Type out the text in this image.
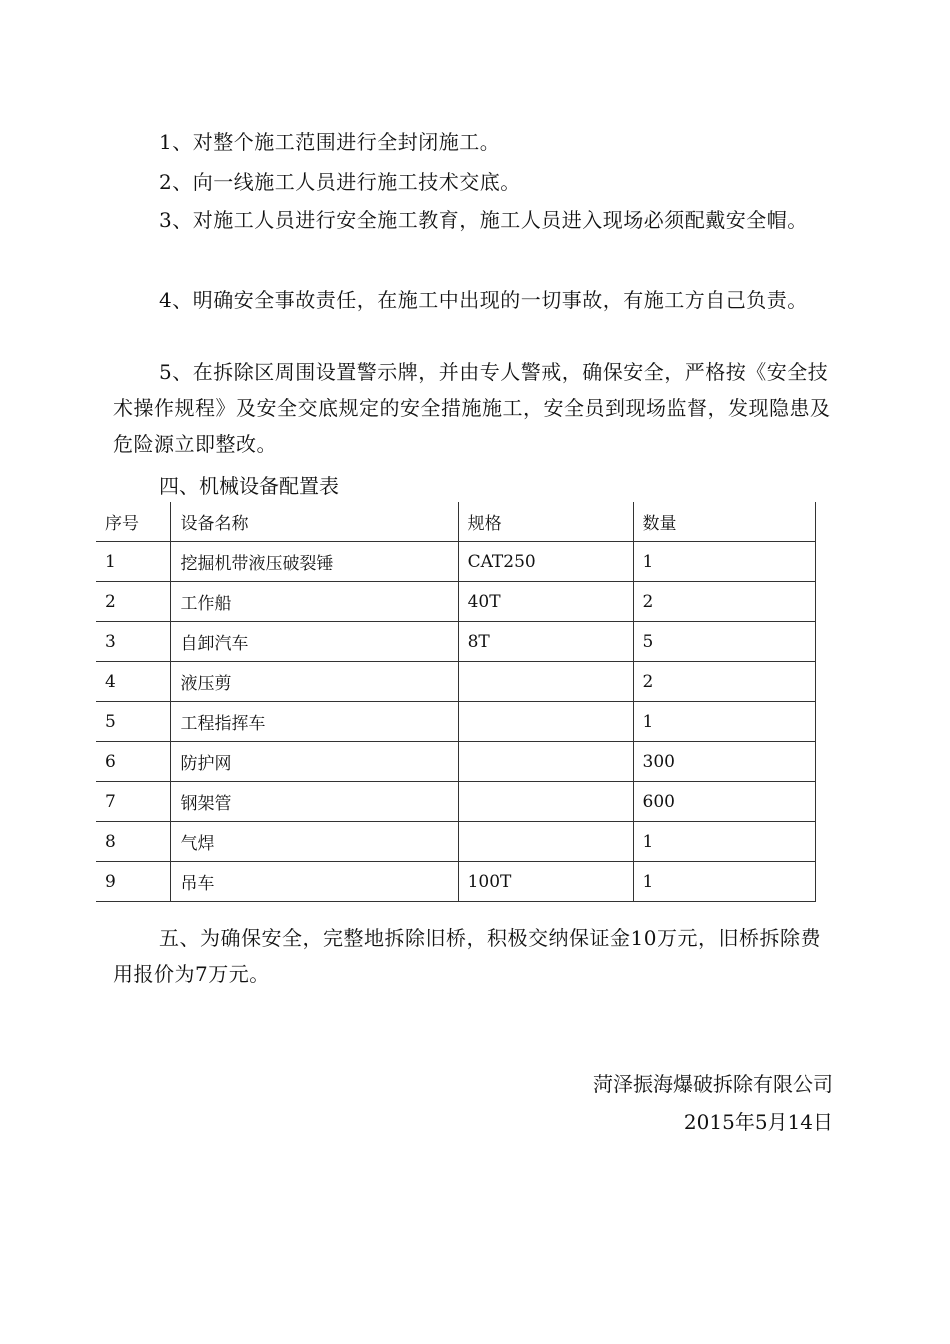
1、对整个施工范围进行全封闭施工。

2、向一线施工人员进行施工技术交底。

3、对施工人员进行安全施工教育，施工人员进入现场必须配戴安全帽。

4、明确安全事故责任，在施工中出现的一切事故，有施工方自己负责。

5、在拆除区周围设置警示牌，并由专人警戒，确保安全，严格按《安全技术操作规程》及安全交底规定的安全措施施工，安全员到现场监督，发现隐患及危险源立即整改。

四、机械设备配置表

序号	设备名称	规格	数量
1	挖掘机带液压破裂锤	CAT250	1
2	工作船	40T	2
3	自卸汽车	8T	5
4	液压剪		2
5	工程指挥车		1
6	防护网		300
7	钢架管		600
8	气焊		1
9	吊车	100T	1

五、为确保安全，完整地拆除旧桥，积极交纳保证金10万元，旧桥拆除费用报价为7万元。

菏泽振海爆破拆除有限公司

2015年5月14日
